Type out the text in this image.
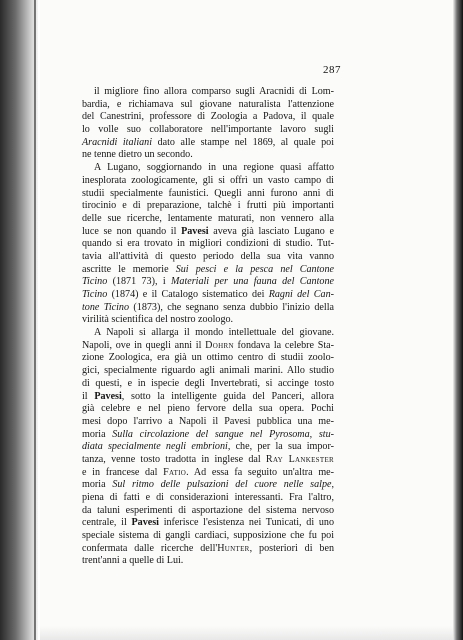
287
il migliore fino allora comparso sugli Aracnidi di Lom-
bardia, e richiamava sul giovane naturalista l'attenzione
del Canestrini, professore di Zoologia a Padova, il quale
lo volle suo collaboratore nell'importante lavoro sugli
Aracnidi italiani dato alle stampe nel 1869, al quale poi
ne tenne dietro un secondo.
A Lugano, soggiornando in una regione quasi affatto
inesplorata zoologicamente, gli si offrì un vasto campo di
studii specialmente faunistici. Quegli anni furono anni di
tirocinio e di preparazione, talchè i frutti più importanti
delle sue ricerche, lentamente maturati, non vennero alla
luce se non quando il Pavesi aveva già lasciato Lugano e
quando si era trovato in migliori condizioni di studio. Tut-
tavia all'attività di questo periodo della sua vita vanno
ascritte le memorie Sui pesci e la pesca nel Cantone
Ticino (1871 73), i Materiali per una fauna del Cantone
Ticino (1874) e il Catalogo sistematico dei Ragni del Can-
tone Ticino (1873), che segnano senza dubbio l'inizio della
virilità scientifica del nostro zoologo.
A Napoli si allarga il mondo intellettuale del giovane.
Napoli, ove in quegli anni il Dohrn fondava la celebre Sta-
zione Zoologica, era già un ottimo centro di studii zoolo-
gici, specialmente riguardo agli animali marini. Allo studio
di questi, e in ispecie degli Invertebrati, si accinge tosto
il Pavesi, sotto la intelligente guida del Panceri, allora
già celebre e nel pieno fervore della sua opera. Pochi
mesi dopo l'arrivo a Napoli il Pavesi pubblica una me-
moria Sulla circolazione del sangue nel Pyrosoma, stu-
diata specialmente negli embrioni, che, per la sua impor-
tanza, venne tosto tradotta in inglese dal Ray Lankester
e in francese dal Fatio. Ad essa fa seguito un'altra me-
moria Sul ritmo delle pulsazioni del cuore nelle salpe,
piena di fatti e di considerazioni interessanti. Fra l'altro,
da taluni esperimenti di asportazione del sistema nervoso
centrale, il Pavesi inferisce l'esistenza nei Tunicati, di uno
speciale sistema di gangli cardiaci, supposizione che fu poi
confermata dalle ricerche dell'Hunter, posteriori di ben
trent'anni a quelle di Lui.
